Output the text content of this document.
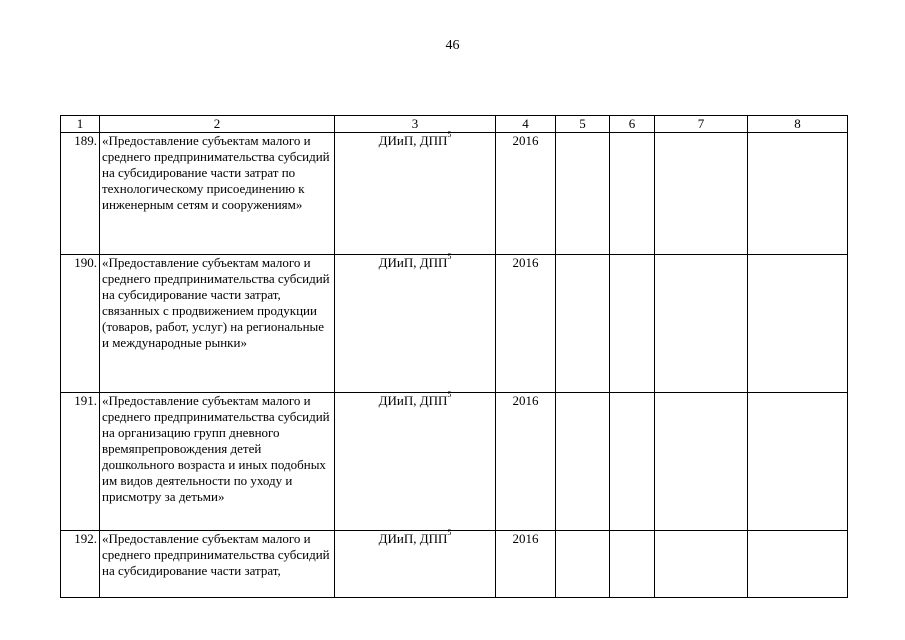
46
1	2	3	4	5	6	7	8
189.	«Предоставление субъектам малого и среднего предпринимательства субсидий на субсидирование части затрат по технологическому присоединению к инженерным сетям и сооружениям»	ДИиП, ДПП$^5$	2016				
190.	«Предоставление субъектам малого и среднего предпринимательства субсидий на субсидирование части затрат, связанных с продвижением продукции (товаров, работ, услуг) на региональные и международные рынки»	ДИиП, ДПП$^5$	2016				
191.	«Предоставление субъектам малого и среднего предпринимательства субсидий на организацию групп дневного времяпрепровождения детей дошкольного возраста и иных подобных им видов деятельности по уходу и присмотру за детьми»	ДИиП, ДПП$^5$	2016				
192.	«Предоставление субъектам малого и среднего предпринимательства субсидий на субсидирование части затрат,	ДИиП, ДПП$^5$	2016				
